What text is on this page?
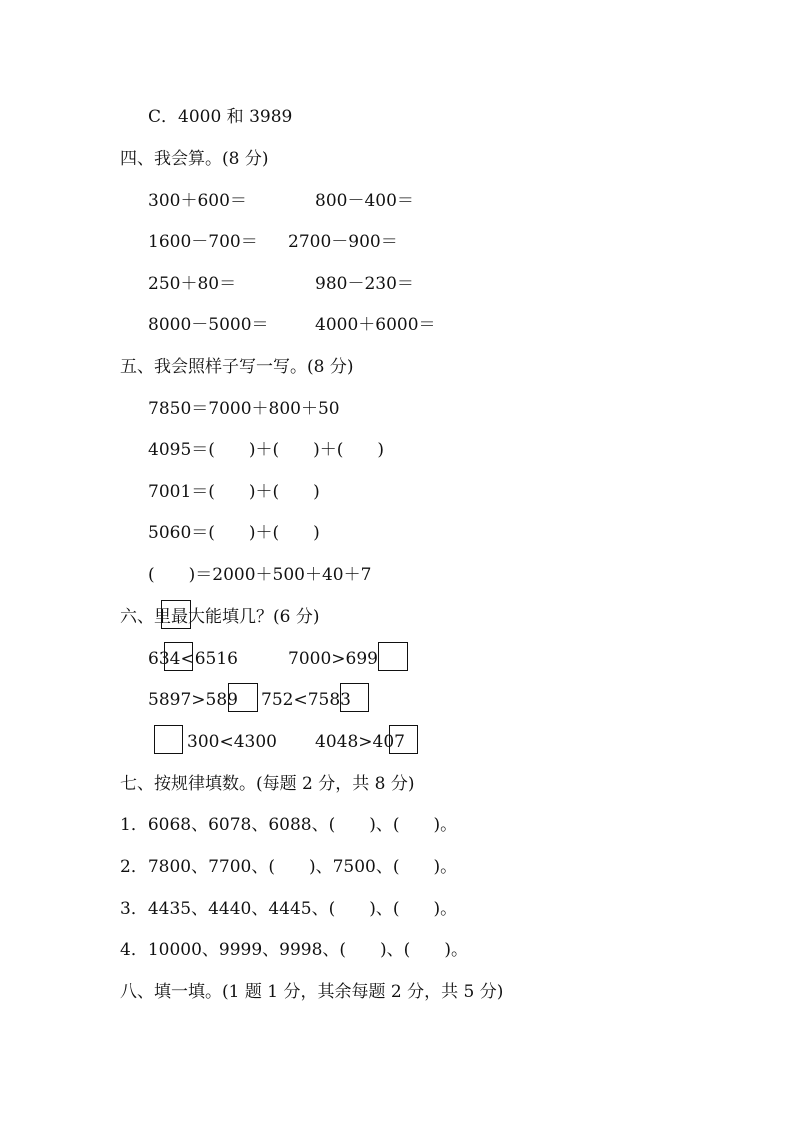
C．4000 和 3989
四、我会算。(8 分)
300＋600＝	800－400＝
1600－700＝ 2700－900＝
250＋80＝	980－230＝
8000－5000＝	4000＋6000＝
五、我会照样子写一写。(8 分)
7850＝7000＋800＋50
4095＝(　　)＋(　　)＋(　　)
7001＝(　　)＋(　　)
5060＝(　　)＋(　　)
(　　)＝2000＋500＋40＋7
六、里最大能填几？(6 分)
634<6516	7000>699
5897>589 752<7583
300<4300 4048>407
七、按规律填数。(每题 2 分，共 8 分)
1．6068、6078、6088、(　　)、(　　)。
2．7800、7700、(　　)、7500、(　　)。
3．4435、4440、4445、(　　)、(　　)。
4．10000、9999、9998、(　　)、(　　)。
八、填一填。(1 题 1 分，其余每题 2 分，共 5 分)
